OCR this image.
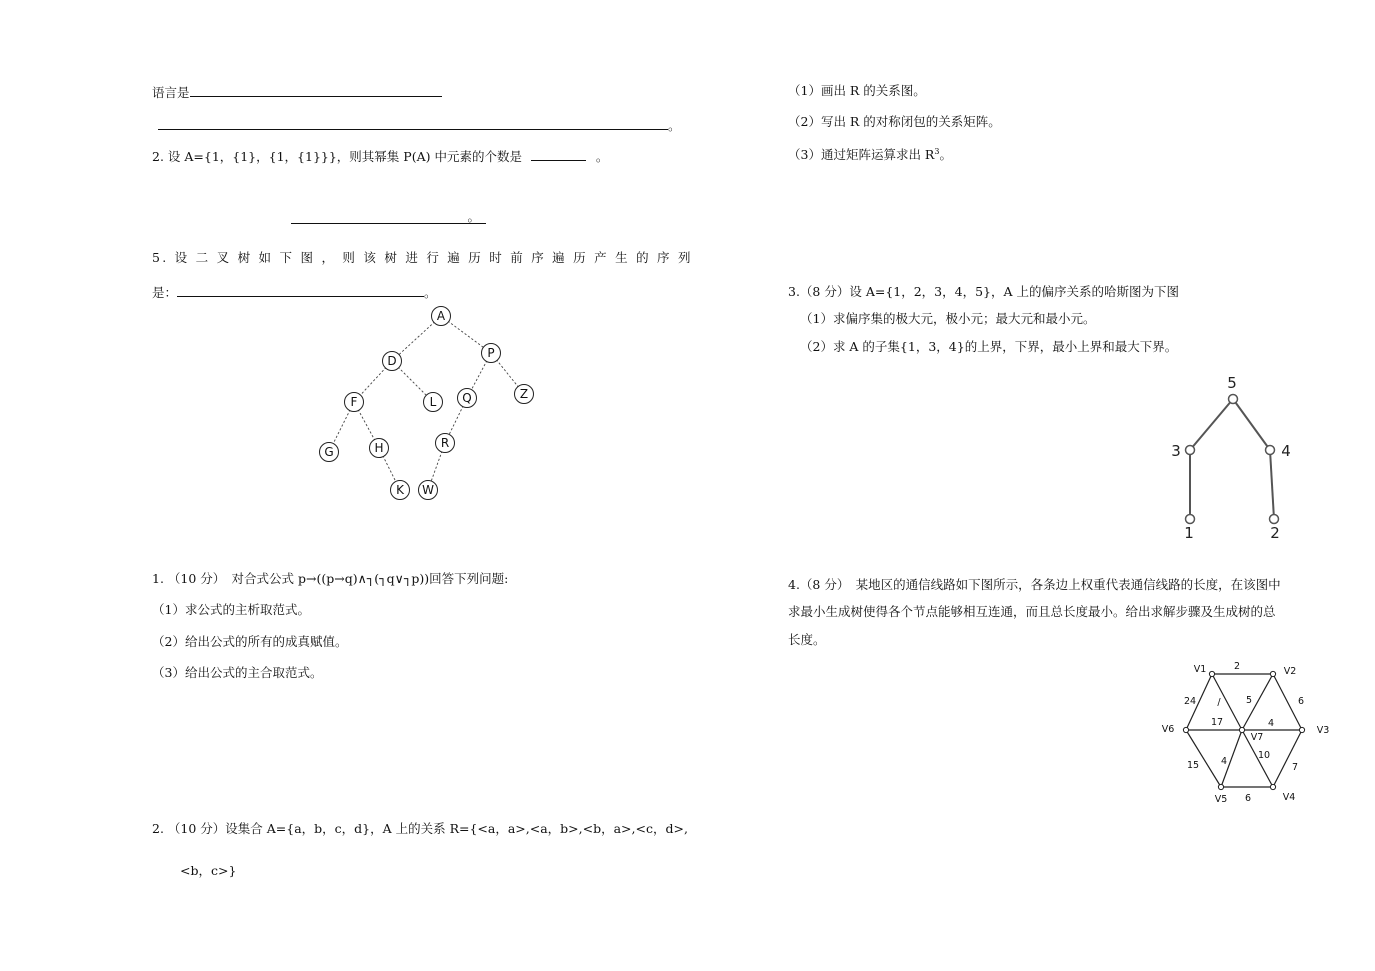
语言是
。
2. 设 A={1，{1}，{1，{1}}}，则其幂集 P(A) 中元素的个数是	。
。
5. 设 二 叉 树 如 下 图 ， 则 该 树 进 行 遍 历 时 前 序 遍 历 产 生 的 序 列
是：	。
A
D
P
F	L Q	Z
G	H	R
K W
1. （10 分）　对合式公式 p→((p→q)∧┐(┐q∨┐p))回答下列问题:
（1）求公式的主析取范式。
（2）给出公式的所有的成真赋值。
（3）给出公式的主合取范式。
2. （10 分）设集合 A={a，b，c，d}，A 上的关系 R={<a，a>,<a，b>,<b，a>,<c，d>,
<b，c>}
（1）画出 R 的关系图。
（2）写出 R 的对称闭包的关系矩阵。
（3）通过矩阵运算求出 $R^3$。
3.（8 分）设 A={1，2，3，4，5}，A 上的偏序关系的哈斯图为下图
（1）求偏序集的极大元，极小元；最大元和最小元。
（2）求 A 的子集{1，3，4}的上界，下界，最小上界和最大下界。
5
3	4
1	2
4.（8 分）　某地区的通信线路如下图所示，各条边上权重代表通信线路的长度，在该图中
求最小生成树使得各个节点能够相互连通，而且总长度最小。给出求解步骤及生成树的总
长度。
V1	V2
V3
V4
V5
V6
V7
2
24 /	5	6
17	4
10
7
15 4
6
